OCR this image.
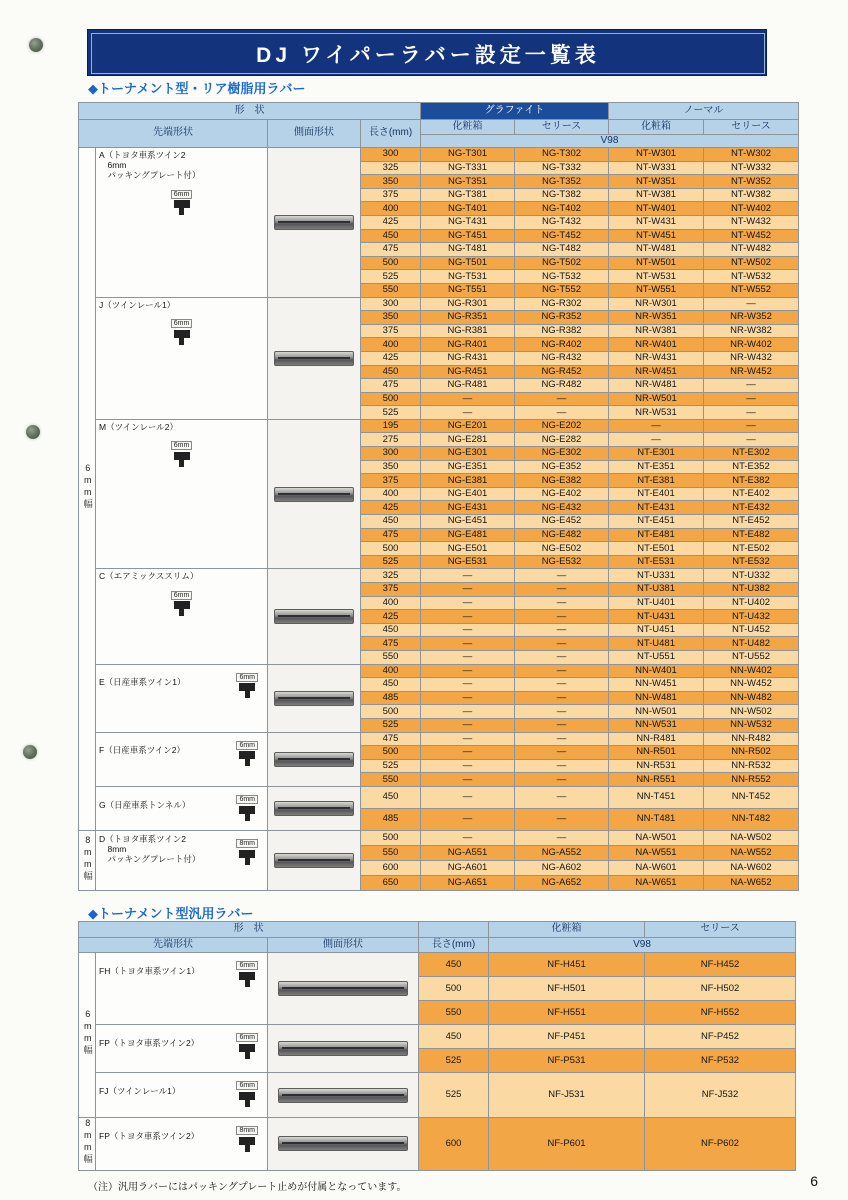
DJ ワイパーラバー設定一覧表
◆トーナメント型・リア樹脂用ラバー
形　状				グラファイト		ノーマル	
先端形状		側面形状	長さ(mm)	化粧箱	セリース	化粧箱	セリース
				V98			
6mm幅	A（トヨタ車系ツイン2
　6mm
　パッキングプレート付）
6mm		300	NG-T301	NG-T302	NT-W301	NT-W302
			325	NG-T331	NG-T332	NT-W331	NT-W332
			350	NG-T351	NG-T352	NT-W351	NT-W352
			375	NG-T381	NG-T382	NT-W381	NT-W382
			400	NG-T401	NG-T402	NT-W401	NT-W402
			425	NG-T431	NG-T432	NT-W431	NT-W432
			450	NG-T451	NG-T452	NT-W451	NT-W452
			475	NG-T481	NG-T482	NT-W481	NT-W482
			500	NG-T501	NG-T502	NT-W501	NT-W502
			525	NG-T531	NG-T532	NT-W531	NT-W532
			550	NG-T551	NG-T552	NT-W551	NT-W552

	J（ツインレール1）
6mm		300	NG-R301	NG-R302	NR-W301	—
			350	NG-R351	NG-R352	NR-W351	NR-W352
			375	NG-R381	NG-R382	NR-W381	NR-W382
			400	NG-R401	NG-R402	NR-W401	NR-W402
			425	NG-R431	NG-R432	NR-W431	NR-W432
			450	NG-R451	NG-R452	NR-W451	NR-W452
			475	NG-R481	NG-R482	NR-W481	—
			500	—	—	NR-W501	—
			525	—	—	NR-W531	—

	M（ツインレール2）
6mm		195	NG-E201	NG-E202	—	—
			275	NG-E281	NG-E282	—	—
			300	NG-E301	NG-E302	NT-E301	NT-E302
			350	NG-E351	NG-E352	NT-E351	NT-E352
			375	NG-E381	NG-E382	NT-E381	NT-E382
			400	NG-E401	NG-E402	NT-E401	NT-E402
			425	NG-E431	NG-E432	NT-E431	NT-E432
			450	NG-E451	NG-E452	NT-E451	NT-E452
			475	NG-E481	NG-E482	NT-E481	NT-E482
			500	NG-E501	NG-E502	NT-E501	NT-E502
			525	NG-E531	NG-E532	NT-E531	NT-E532

	C（エアミックススリム）
6mm		325	—	—	NT-U331	NT-U332
			375	—	—	NT-U381	NT-U382
			400	—	—	NT-U401	NT-U402
			425	—	—	NT-U431	NT-U432
			450	—	—	NT-U451	NT-U452
			475	—	—	NT-U481	NT-U482
			550	—	—	NT-U551	NT-U552

	E（日産車系ツイン1）
6mm		400	—	—	NN-W401	NN-W402
			450	—	—	NN-W451	NN-W452
			485	—	—	NN-W481	NN-W482
			500	—	—	NN-W501	NN-W502
			525	—	—	NN-W531	NN-W532

	F（日産車系ツイン2）
6mm		475	—	—	NN-R481	NN-R482
			500	—	—	NN-R501	NN-R502
			525	—	—	NN-R531	NN-R532
			550	—	—	NN-R551	NN-R552

	G（日産車系トンネル）
6mm		450	—	—	NN-T451	NN-T452
			485	—	—	NN-T481	NN-T482
8mm幅	D（トヨタ車系ツイン2
　8mm
　パッキングプレート付）
8mm		500	—	—	NA-W501	NA-W502
			550	NG-A551	NG-A552	NA-W551	NA-W552
			600	NG-A601	NG-A602	NA-W601	NA-W602
			650	NG-A651	NG-A652	NA-W651	NA-W652
◆トーナメント型汎用ラバー
形　状				化粧箱	セリース
先端形状		側面形状	長さ(mm)	V98	
6mm幅	FH（トヨタ車系ツイン1）
6mm		450	NF-H451	NF-H452
			500	NF-H501	NF-H502
			550	NF-H551	NF-H552

	FP（トヨタ車系ツイン2）
6mm		450	NF-P451	NF-P452
			525	NF-P531	NF-P532

	FJ（ツインレール1）
6mm		525	NF-J531	NF-J532
8mm幅	FP（トヨタ車系ツイン2）
8mm		600	NF-P601	NF-P602
（注）汎用ラバーにはパッキングプレート止めが付属となっています。	6
